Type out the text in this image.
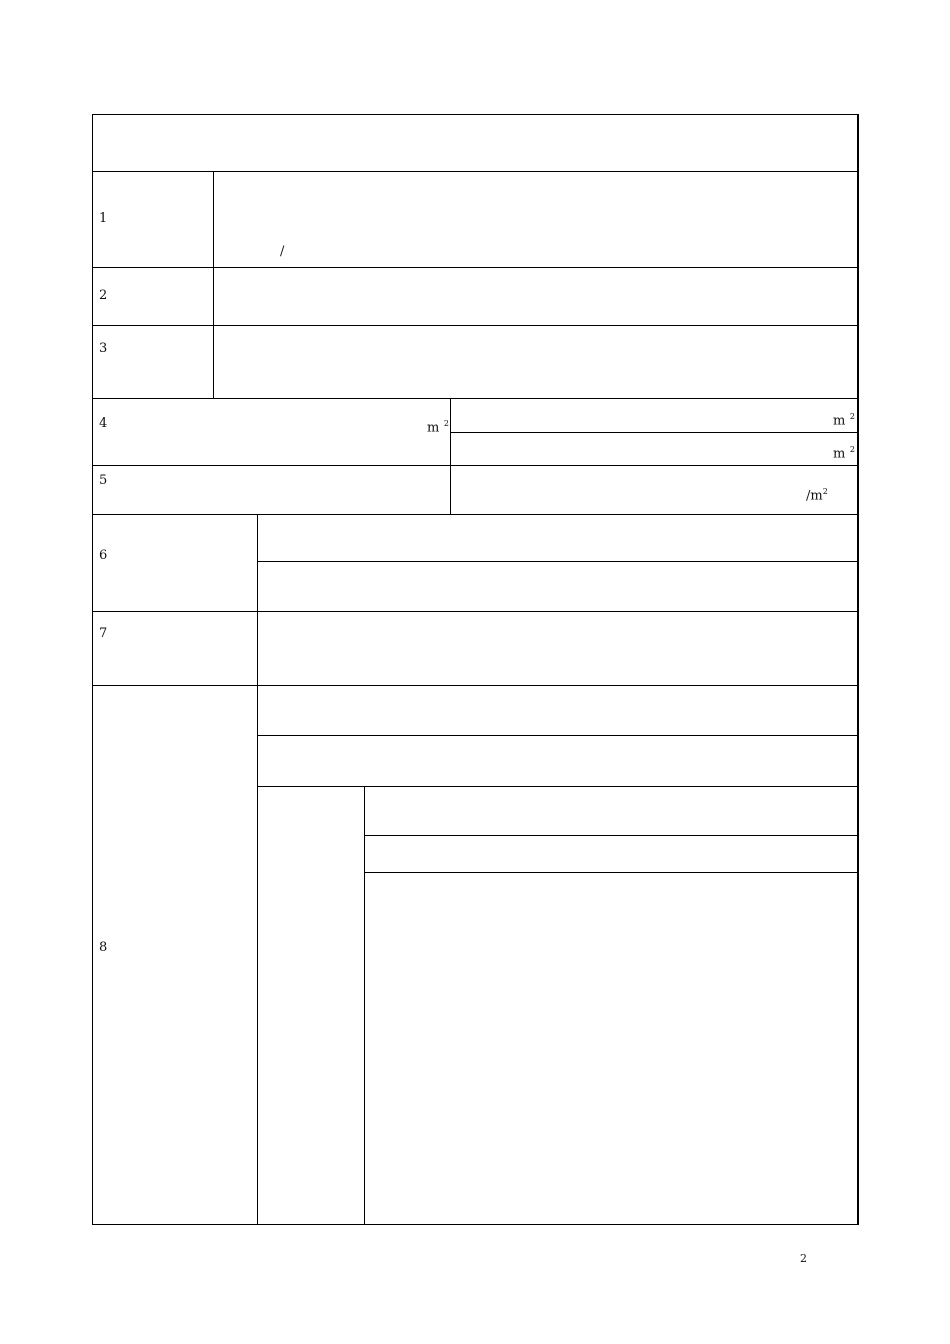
1
/
2
3
4	$m^2$	$m^2$
$m^2$
5
$/m^2$
6
7
8
2
